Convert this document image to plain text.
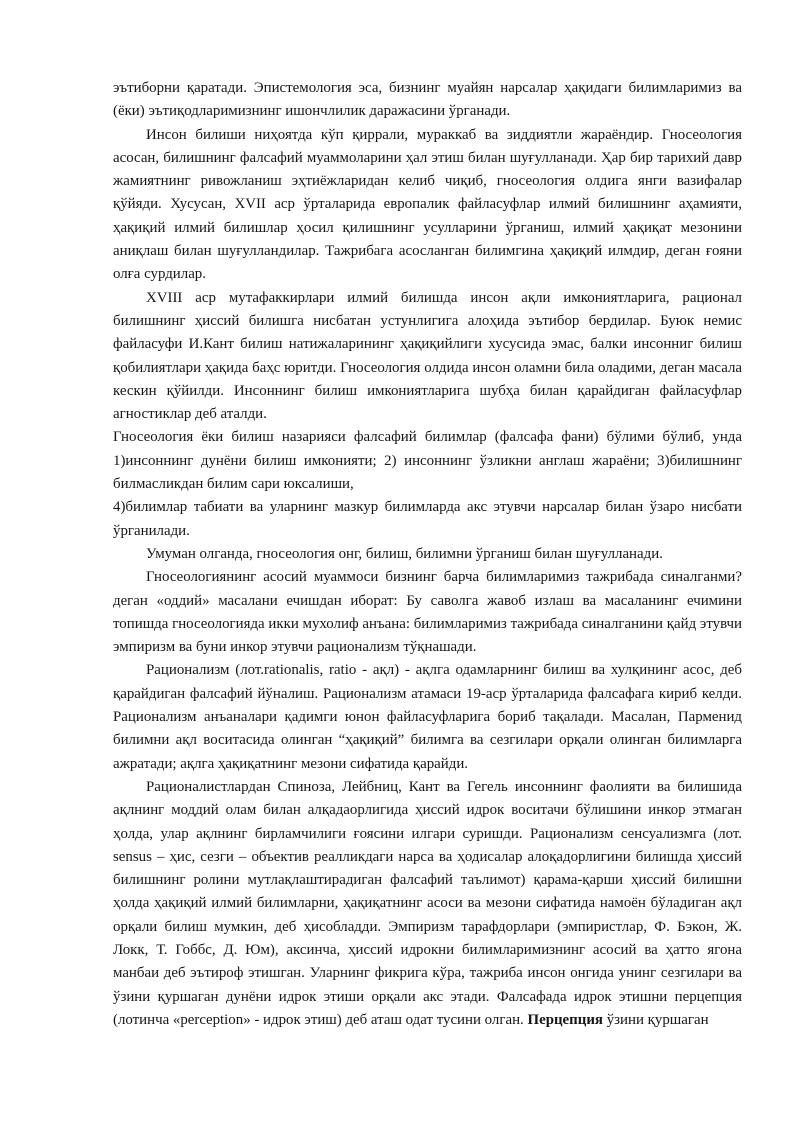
эътиборни қаратади. Эпистемология эса, бизнинг муайян нарсалар ҳақидаги билимларимиз ва (ёки) эътиқодларимизнинг ишончлилик даражасини ўрганади.

Инсон билиши ниҳоятда кўп қиррали, мураккаб ва зиддиятли жараёндир. Гносеология асосан, билишнинг фалсафий муаммоларини ҳал этиш билан шуғулланади. Ҳар бир тарихий давр жамиятнинг ривожланиш эҳтиёжларидан келиб чиқиб, гносеология олдига янги вазифалар қўйяди. Хусусан, XVII аср ўрталарида европалик файласуфлар илмий билишнинг аҳамияти, ҳақиқий илмий билишлар ҳосил қилишнинг усулларини ўрганиш, илмий ҳақиқат мезонини аниқлаш билан шуғулландилар. Тажрибага асосланган билимгина ҳақиқий илмдир, деган ғояни олға сурдилар.

XVIII аср мутафаккирлари илмий билишда инсон ақли имкониятларига, рационал билишнинг ҳиссий билишга нисбатан устунлигига алоҳида эътибор бердилар. Буюк немис файласуфи И.Кант билиш натижаларининг ҳақиқийлиги хусусида эмас, балки инсонниг билиш қобилиятлари ҳақида баҳс юритди. Гносеология олдида инсон оламни била оладими, деган масала кескин қўйилди. Инсоннинг билиш имкониятларига шубҳа билан қарайдиган файласуфлар агностиклар деб аталди.

Гносеология ёки билиш назарияси фалсафий билимлар (фалсафа фани) бўлими бўлиб, унда 1)инсоннинг дунёни билиш имконияти; 2) инсоннинг ўзликни англаш жараёни; 3)билишнинг билмасликдан билим сари юксалиши,

4)билимлар табиати ва уларнинг мазкур билимларда акс этувчи нарсалар билан ўзаро нисбати ўрганилади.

Умуман олганда, гносеология онг, билиш, билимни ўрганиш билан шуғулланади.

Гносеологиянинг асосий муаммоси бизнинг барча билимларимиз тажрибада синалганми? деган «оддий» масалани ечишдан иборат: Бу саволга жавоб излаш ва масаланинг ечимини топишда гносеологияда икки мухолиф анъана: билимларимиз тажрибада синалганини қайд этувчи эмпиризм ва буни инкор этувчи рационализм тўқнашади.

Рационализм (лот.rationalis, ratio - ақл) - ақлга одамларнинг билиш ва хулқининг асос, деб қарайдиган фалсафий йўналиш. Рационализм атамаси 19-аср ўрталарида фалсафага кириб келди. Рационализм анъаналари қадимги юнон файласуфларига бориб тақалади. Масалан, Парменид билимни ақл воситасида олинган “ҳақиқий” билимга ва сезгилари орқали олинган билимларга ажратади; ақлга ҳақиқатнинг мезони сифатида қарайди.

Рационалистлардан Спиноза, Лейбниц, Кант ва Гегель инсоннинг фаолияти ва билишида ақлнинг моддий олам билан алқадаорлигида ҳиссий идрок воситачи бўлишини инкор этмаган ҳолда, улар ақлнинг бирламчилиги ғоясини илгари суришди. Рационализм сенсуализмга (лот. sensus – ҳис, сезги – объектив реалликдаги нарса ва ҳодисалар алоқадорлигини билишда ҳиссий билишнинг ролини мутлақлаштирадиган фалсафий таълимот) қарама-қарши ҳиссий билишни ҳолда ҳақиқий илмий билимларни, ҳақиқатнинг асоси ва мезони сифатида намоён бўладиган ақл орқали билиш мумкин, деб ҳисобладди. Эмпиризм тарафдорлари (эмпиристлар, Ф. Бэкон, Ж. Локк, Т. Гоббс, Д. Юм), аксинча, ҳиссий идрокни билимларимизнинг асосий ва ҳатто ягона манбаи деб эътироф этишган. Уларнинг фикрига кўра, тажриба инсон онгида унинг сезгилари ва ўзини қуршаган дунёни идрок этиши орқали акс этади. Фалсафада идрок этишни перцепция (лотинча «perception» - идрок этиш) деб аташ одат тусини олган. Перцепция ўзини қуршаган
